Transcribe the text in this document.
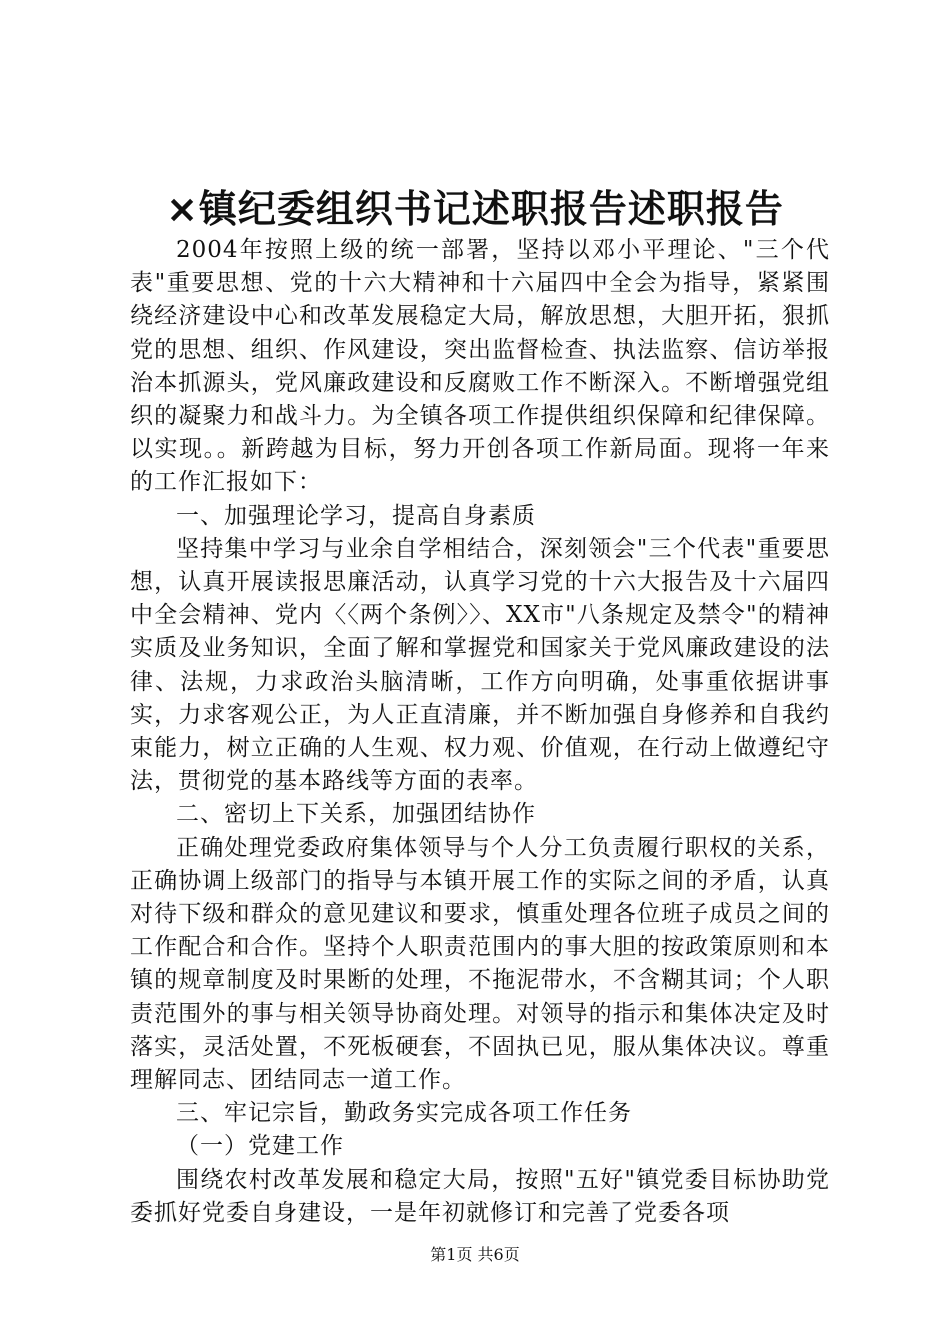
×镇纪委组织书记述职报告述职报告

2004年按照上级的统一部署，坚持以邓小平理论、"三个代表"重要思想、党的十六大精神和十六届四中全会为指导，紧紧围绕经济建设中心和改革发展稳定大局，解放思想，大胆开拓，狠抓党的思想、组织、作风建设，突出监督检查、执法监察、信访举报治本抓源头，党风廉政建设和反腐败工作不断深入。不断增强党组织的凝聚力和战斗力。为全镇各项工作提供组织保障和纪律保障。以实现。。新跨越为目标，努力开创各项工作新局面。现将一年来的工作汇报如下：

一、加强理论学习，提高自身素质

坚持集中学习与业余自学相结合，深刻领会"三个代表"重要思想，认真开展读报思廉活动，认真学习党的十六大报告及十六届四中全会精神、党内〈〈两个条例〉〉、XX市"八条规定及禁令"的精神实质及业务知识，全面了解和掌握党和国家关于党风廉政建设的法律、法规，力求政治头脑清晰，工作方向明确，处事重依据讲事实，力求客观公正，为人正直清廉，并不断加强自身修养和自我约束能力，树立正确的人生观、权力观、价值观，在行动上做遵纪守法，贯彻党的基本路线等方面的表率。

二、密切上下关系，加强团结协作

正确处理党委政府集体领导与个人分工负责履行职权的关系，正确协调上级部门的指导与本镇开展工作的实际之间的矛盾，认真对待下级和群众的意见建议和要求，慎重处理各位班子成员之间的工作配合和合作。坚持个人职责范围内的事大胆的按政策原则和本镇的规章制度及时果断的处理，不拖泥带水，不含糊其词；个人职责范围外的事与相关领导协商处理。对领导的指示和集体决定及时落实，灵活处置，不死板硬套，不固执已见，服从集体决议。尊重理解同志、团结同志一道工作。

三、牢记宗旨，勤政务实完成各项工作任务

（一）党建工作

围绕农村改革发展和稳定大局，按照"五好"镇党委目标协助党委抓好党委自身建设，一是年初就修订和完善了党委各项

第1页 共6页
